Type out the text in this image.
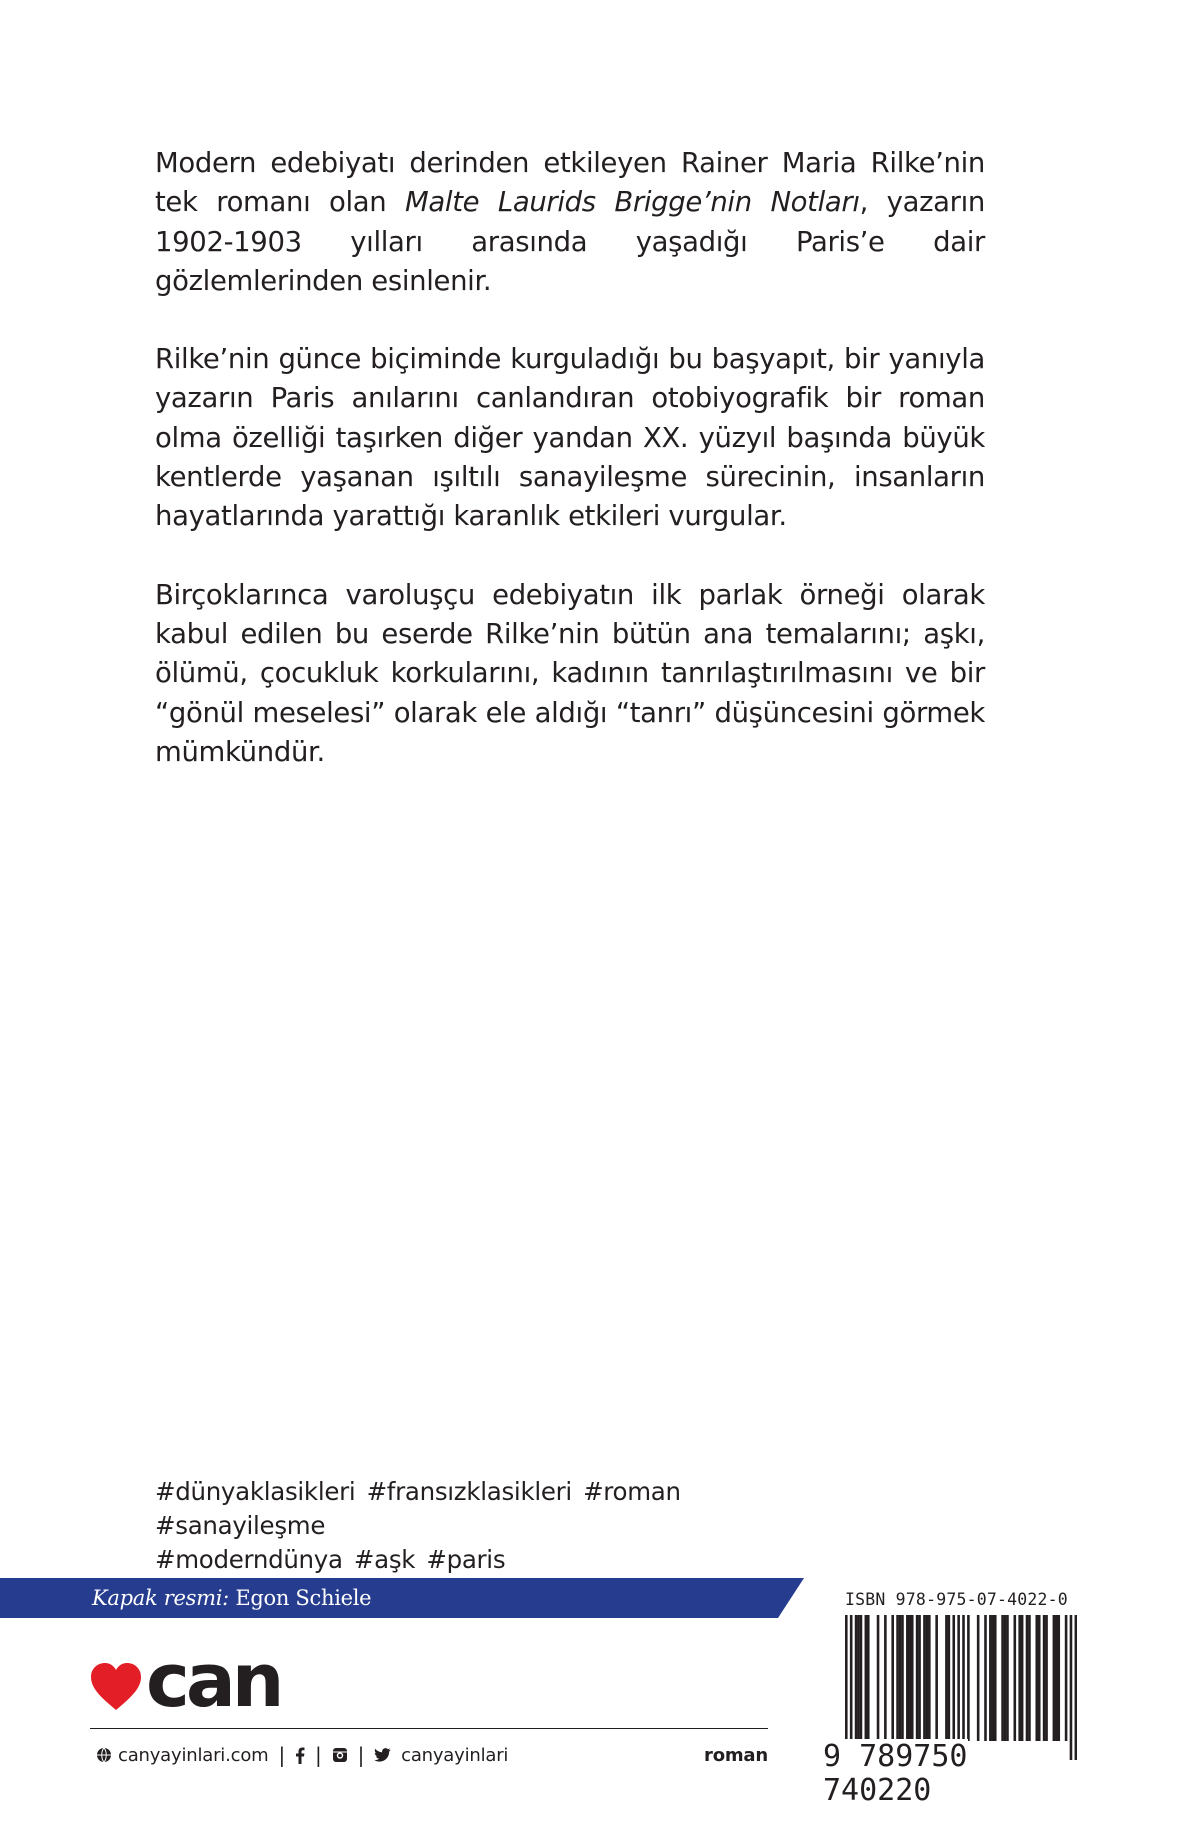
Modern edebiyatı derinden etkileyen Rainer Maria Rilke’nin tek romanı olan Malte Laurids Brigge’nin Notları, yazarın 1902-1903 yılları arasında yaşadığı Paris’e dair gözlemlerinden esinlenir.

Rilke’nin günce biçiminde kurguladığı bu başyapıt, bir yanıyla yazarın Paris anılarını canlandıran otobiyografik bir roman olma özelliği taşırken diğer yandan XX. yüzyıl başında büyük kentlerde yaşanan ışıltılı sanayileşme sürecinin, insanların hayatlarında yarattığı karanlık etkileri vurgular.

Birçoklarınca varoluşçu edebiyatın ilk parlak örneği olarak kabul edilen bu eserde Rilke’nin bütün ana temalarını; aşkı, ölümü, çocukluk korkularını, kadının tanrılaştırılmasını ve bir “gönül meselesi” olarak ele aldığı “tanrı” düşüncesini görmek mümkündür.

#dünyaklasikleri #fransızklasikleri #roman #sanayileşme
#moderndünya #aşk #paris
Kapak resmi: Egon Schiele
can
canyayinlari.com | | | canyayinlari	roman
ISBN 978-975-07-4022-0
9 789750 740220
